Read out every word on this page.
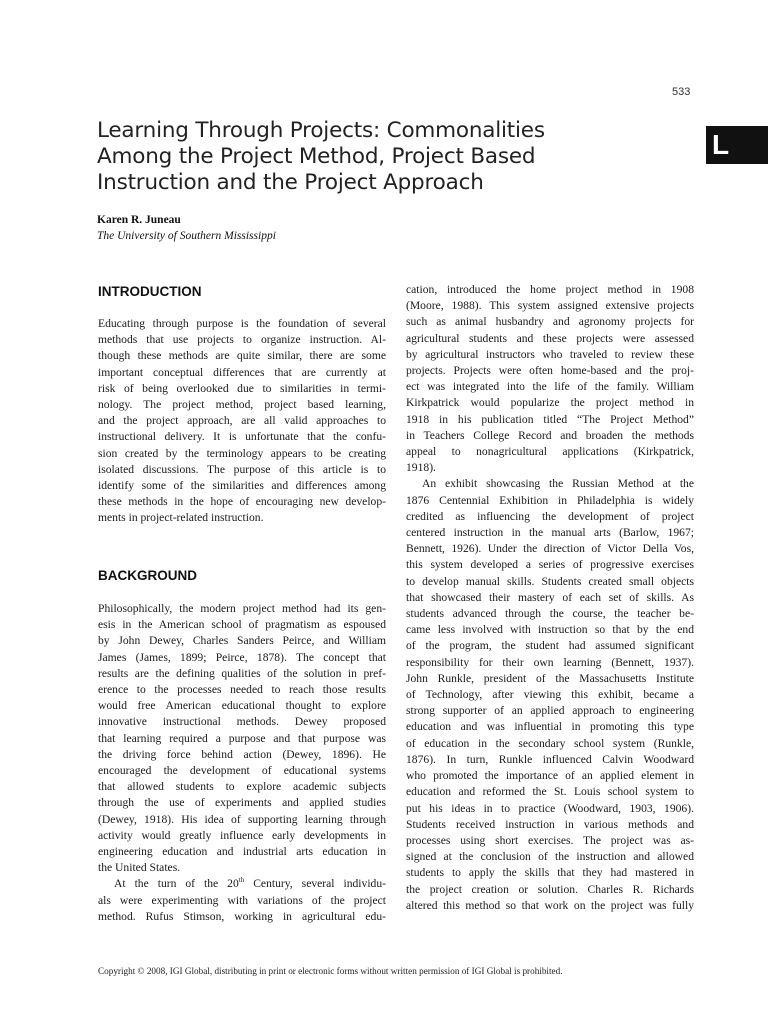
533
L
Learning Through Projects: Commonalities
Among the Project Method, Project Based
Instruction and the Project Approach
Karen R. Juneau
The University of Southern Mississippi
INTRODUCTION
Educating through purpose is the foundation of several
methods that use projects to organize instruction. Al-
though these methods are quite similar, there are some
important conceptual differences that are currently at
risk of being overlooked due to similarities in termi-
nology. The project method, project based learning,
and the project approach, are all valid approaches to
instructional delivery. It is unfortunate that the confu-
sion created by the terminology appears to be creating
isolated discussions. The purpose of this article is to
identify some of the similarities and differences among
these methods in the hope of encouraging new develop-
ments in project-related instruction.
BACKGROUND
Philosophically, the modern project method had its gen-
esis in the American school of pragmatism as espoused
by John Dewey, Charles Sanders Peirce, and William
James (James, 1899; Peirce, 1878). The concept that
results are the defining qualities of the solution in pref-
erence to the processes needed to reach those results
would free American educational thought to explore
innovative instructional methods. Dewey proposed
that learning required a purpose and that purpose was
the driving force behind action (Dewey, 1896). He
encouraged the development of educational systems
that allowed students to explore academic subjects
through the use of experiments and applied studies
(Dewey, 1918). His idea of supporting learning through
activity would greatly influence early developments in
engineering education and industrial arts education in
the United States.
At the turn of the 20th Century, several individu-
als were experimenting with variations of the project
method. Rufus Stimson, working in agricultural edu-
cation, introduced the home project method in 1908
(Moore, 1988). This system assigned extensive projects
such as animal husbandry and agronomy projects for
agricultural students and these projects were assessed
by agricultural instructors who traveled to review these
projects. Projects were often home-based and the proj-
ect was integrated into the life of the family. William
Kirkpatrick would popularize the project method in
1918 in his publication titled “The Project Method”
in Teachers College Record and broaden the methods
appeal to nonagricultural applications (Kirkpatrick,
1918).
An exhibit showcasing the Russian Method at the
1876 Centennial Exhibition in Philadelphia is widely
credited as influencing the development of project
centered instruction in the manual arts (Barlow, 1967;
Bennett, 1926). Under the direction of Victor Della Vos,
this system developed a series of progressive exercises
to develop manual skills. Students created small objects
that showcased their mastery of each set of skills. As
students advanced through the course, the teacher be-
came less involved with instruction so that by the end
of the program, the student had assumed significant
responsibility for their own learning (Bennett, 1937).
John Runkle, president of the Massachusetts Institute
of Technology, after viewing this exhibit, became a
strong supporter of an applied approach to engineering
education and was influential in promoting this type
of education in the secondary school system (Runkle,
1876). In turn, Runkle influenced Calvin Woodward
who promoted the importance of an applied element in
education and reformed the St. Louis school system to
put his ideas in to practice (Woodward, 1903, 1906).
Students received instruction in various methods and
processes using short exercises. The project was as-
signed at the conclusion of the instruction and allowed
students to apply the skills that they had mastered in
the project creation or solution. Charles R. Richards
altered this method so that work on the project was fully
Copyright © 2008, IGI Global, distributing in print or electronic forms without written permission of IGI Global is prohibited.
